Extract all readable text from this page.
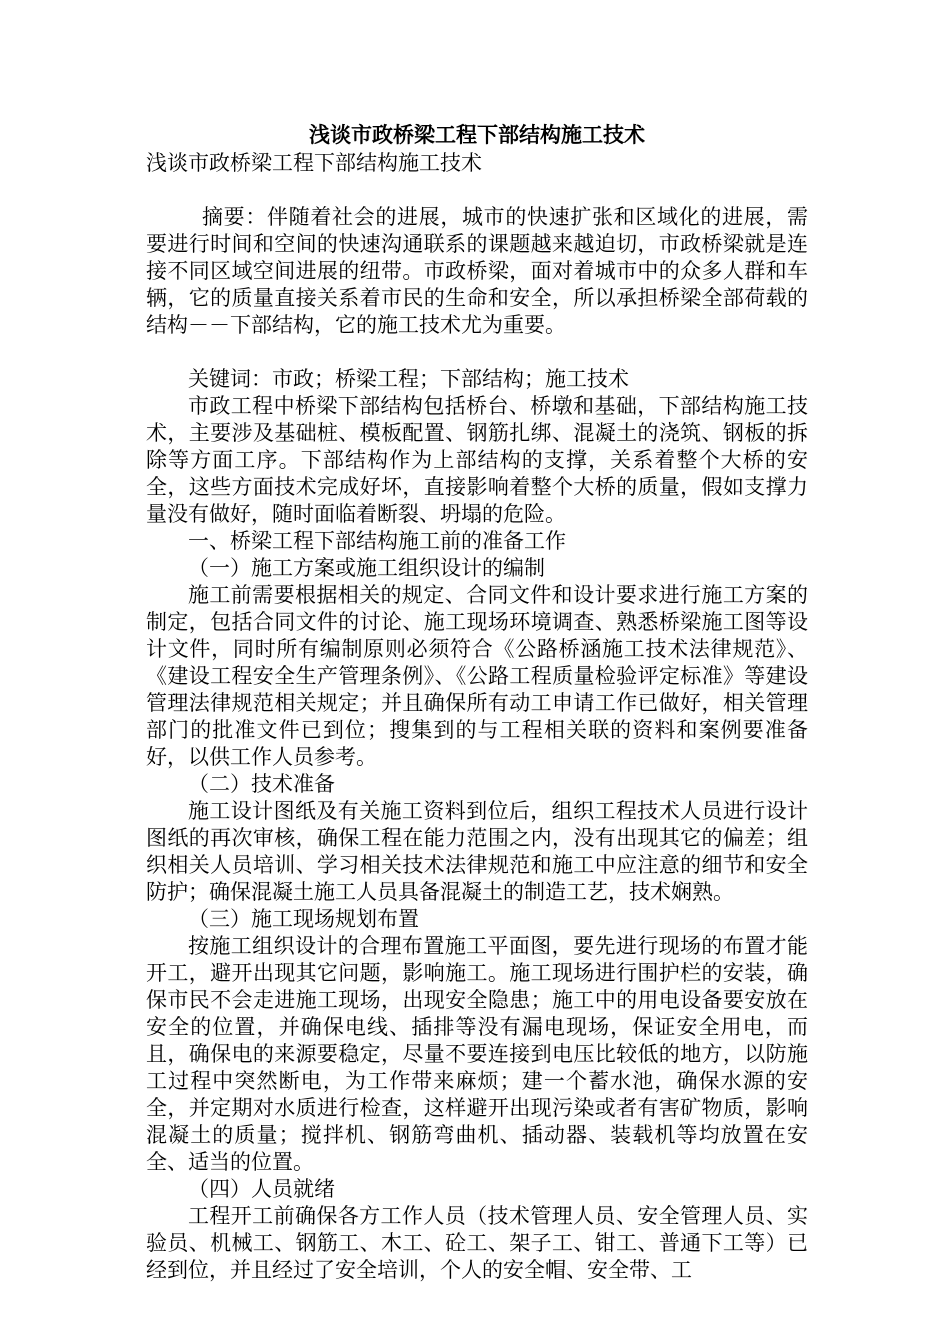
浅谈市政桥梁工程下部结构施工技术
浅谈市政桥梁工程下部结构施工技术

摘要：伴随着社会的进展，城市的快速扩张和区域化的进展，需要进行时间和空间的快速沟通联系的课题越来越迫切，市政桥梁就是连接不同区域空间进展的纽带。市政桥梁，面对着城市中的众多人群和车辆，它的质量直接关系着市民的生命和安全，所以承担桥梁全部荷载的结构－－下部结构，它的施工技术尤为重要。

关键词：市政；桥梁工程；下部结构；施工技术

市政工程中桥梁下部结构包括桥台、桥墩和基础，下部结构施工技术，主要涉及基础桩、模板配置、钢筋扎绑、混凝土的浇筑、钢板的拆除等方面工序。下部结构作为上部结构的支撑，关系着整个大桥的安全，这些方面技术完成好坏，直接影响着整个大桥的质量，假如支撑力量没有做好，随时面临着断裂、坍塌的危险。

一、桥梁工程下部结构施工前的准备工作

（一）施工方案或施工组织设计的编制

施工前需要根据相关的规定、合同文件和设计要求进行施工方案的制定，包括合同文件的讨论、施工现场环境调查、熟悉桥梁施工图等设计文件，同时所有编制原则必须符合《公路桥涵施工技术法律规范》、《建设工程安全生产管理条例》、《公路工程质量检验评定标准》等建设管理法律规范相关规定；并且确保所有动工申请工作已做好，相关管理部门的批准文件已到位；搜集到的与工程相关联的资料和案例要准备好，以供工作人员参考。

（二）技术准备

施工设计图纸及有关施工资料到位后，组织工程技术人员进行设计图纸的再次审核，确保工程在能力范围之内，没有出现其它的偏差；组织相关人员培训、学习相关技术法律规范和施工中应注意的细节和安全防护；确保混凝土施工人员具备混凝土的制造工艺，技术娴熟。

（三）施工现场规划布置

按施工组织设计的合理布置施工平面图，要先进行现场的布置才能开工，避开出现其它问题，影响施工。施工现场进行围护栏的安装，确保市民不会走进施工现场，出现安全隐患；施工中的用电设备要安放在安全的位置，并确保电线、插排等没有漏电现场，保证安全用电，而且，确保电的来源要稳定，尽量不要连接到电压比较低的地方，以防施工过程中突然断电，为工作带来麻烦；建一个蓄水池，确保水源的安全，并定期对水质进行检查，这样避开出现污染或者有害矿物质，影响混凝土的质量；搅拌机、钢筋弯曲机、插动器、装载机等均放置在安全、适当的位置。

（四）人员就绪

工程开工前确保各方工作人员（技术管理人员、安全管理人员、实验员、机械工、钢筋工、木工、砼工、架子工、钳工、普通下工等）已经到位，并且经过了安全培训，个人的安全帽、安全带、工
